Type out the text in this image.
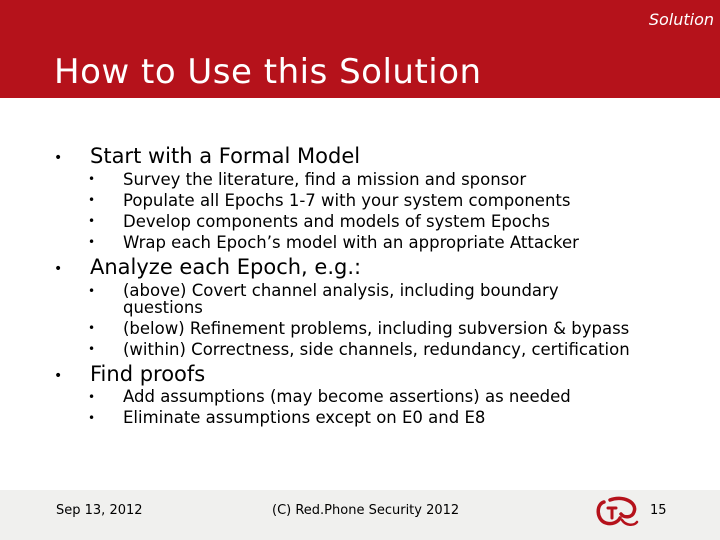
Solution
How to Use this Solution
• Start with a Formal Model
• Survey the literature, find a mission and sponsor
• Populate all Epochs 1-7 with your system components
• Develop components and models of system Epochs
• Wrap each Epoch’s model with an appropriate Attacker
• Analyze each Epoch, e.g.:
• (above) Covert channel analysis, including boundary
questions
• (below) Refinement problems, including subversion & bypass
• (within) Correctness, side channels, redundancy, certification
• Find proofs
• Add assumptions (may become assertions) as needed
• Eliminate assumptions except on E0 and E8
Sep 13, 2012	(C) Red.Phone Security 2012	15
